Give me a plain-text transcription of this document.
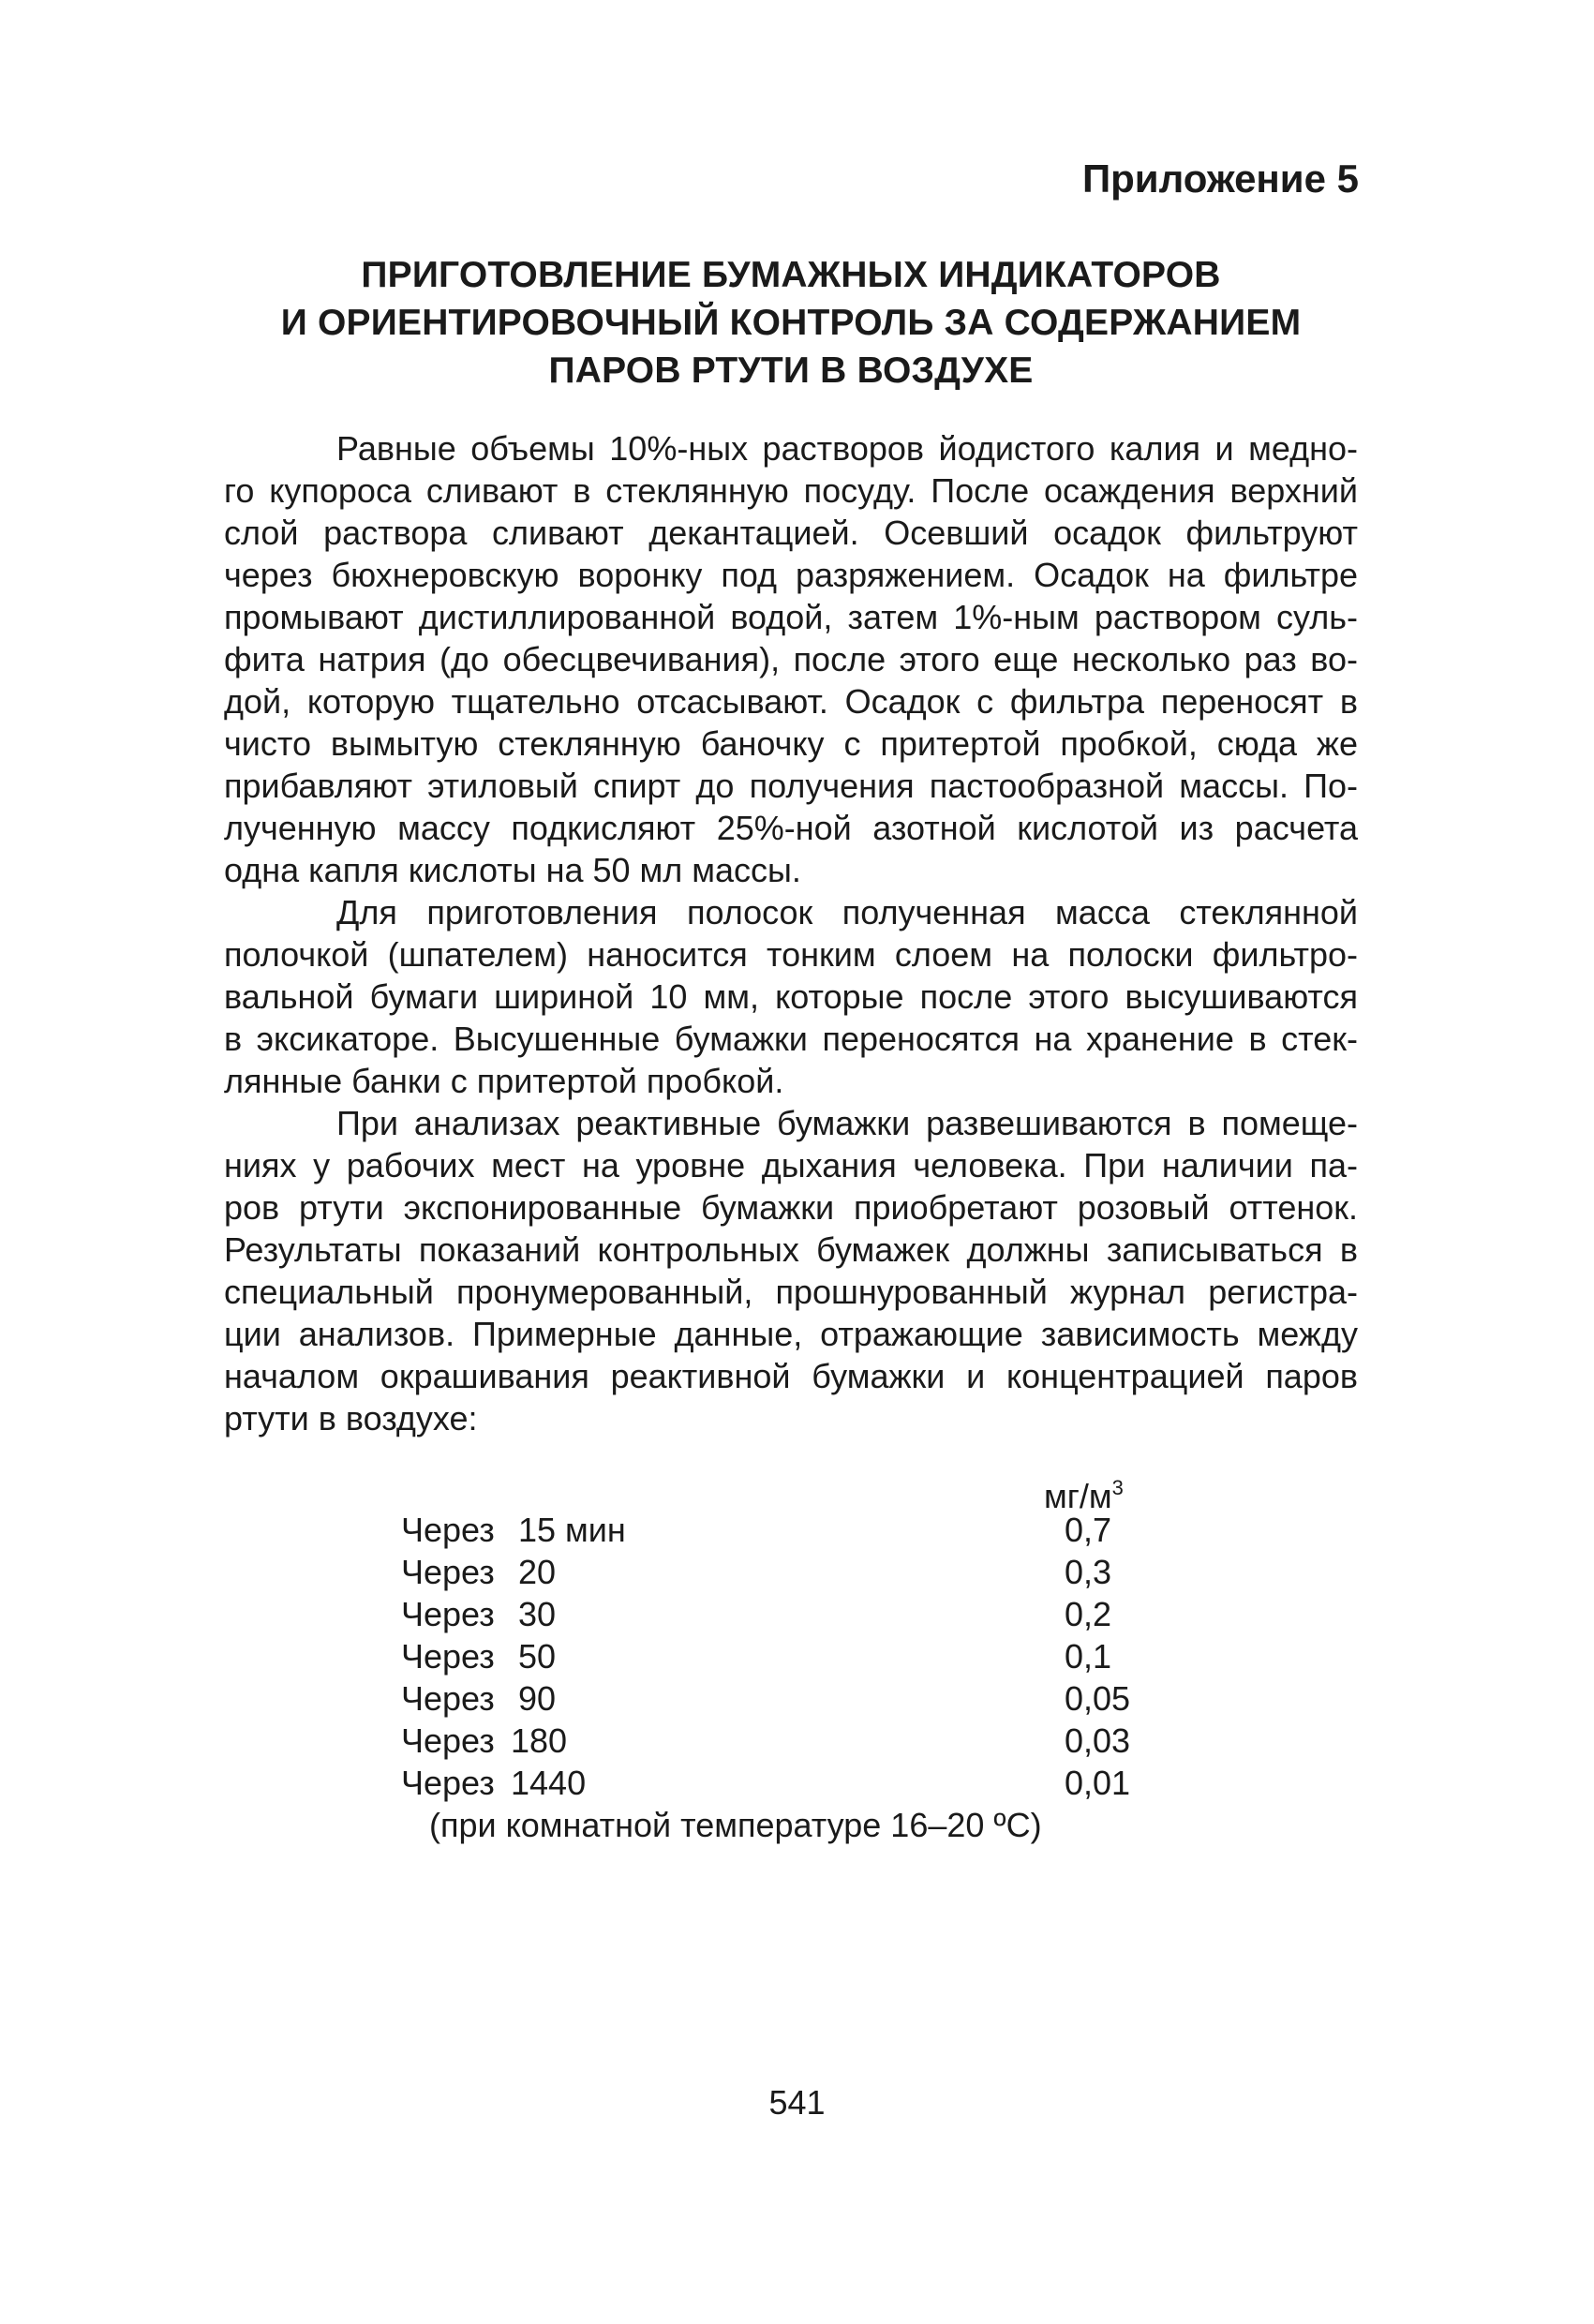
Приложение 5
ПРИГОТОВЛЕНИЕ БУМАЖНЫХ ИНДИКАТОРОВ
И ОРИЕНТИРОВОЧНЫЙ КОНТРОЛЬ ЗА СОДЕРЖАНИЕМ
ПАРОВ РТУТИ В ВОЗДУХЕ

Равные объемы 10%-ных растворов йодистого калия и медно-
го купороса сливают в стеклянную посуду. После осаждения верхний
слой раствора сливают декантацией. Осевший осадок фильтруют
через бюхнеровскую воронку под разряжением. Осадок на фильтре
промывают дистиллированной водой, затем 1%-ным раствором суль-
фита натрия (до обесцвечивания), после этого еще несколько раз во-
дой, которую тщательно отсасывают. Осадок с фильтра переносят в
чисто вымытую стеклянную баночку с притертой пробкой, сюда же
прибавляют этиловый спирт до получения пастообразной массы. По-
лученную массу подкисляют 25%-ной азотной кислотой из расчета
одна капля кислоты на 50 мл массы.

Для приготовления полосок полученная масса стеклянной
полочкой (шпателем) наносится тонким слоем на полоски фильтро-
вальной бумаги шириной 10 мм, которые после этого высушиваются
в эксикаторе. Высушенные бумажки переносятся на хранение в стек-
лянные банки с притертой пробкой.

При анализах реактивные бумажки развешиваются в помеще-
ниях у рабочих мест на уровне дыхания человека. При наличии па-
ров ртути экспонированные бумажки приобретают розовый оттенок.
Результаты показаний контрольных бумажек должны записываться в
специальный пронумерованный, прошнурованный журнал регистра-
ции анализов. Примерные данные, отражающие зависимость между
началом окрашивания реактивной бумажки и концентрацией паров
ртути в воздухе:

$мг/м^3$
Через 15 мин	0,7
Через 20	0,3
Через 30	0,2
Через 50	0,1
Через 90	0,05
Через 180	0,03
Через 1440	0,01
(при комнатной температуре 16–20 ºС)
541
